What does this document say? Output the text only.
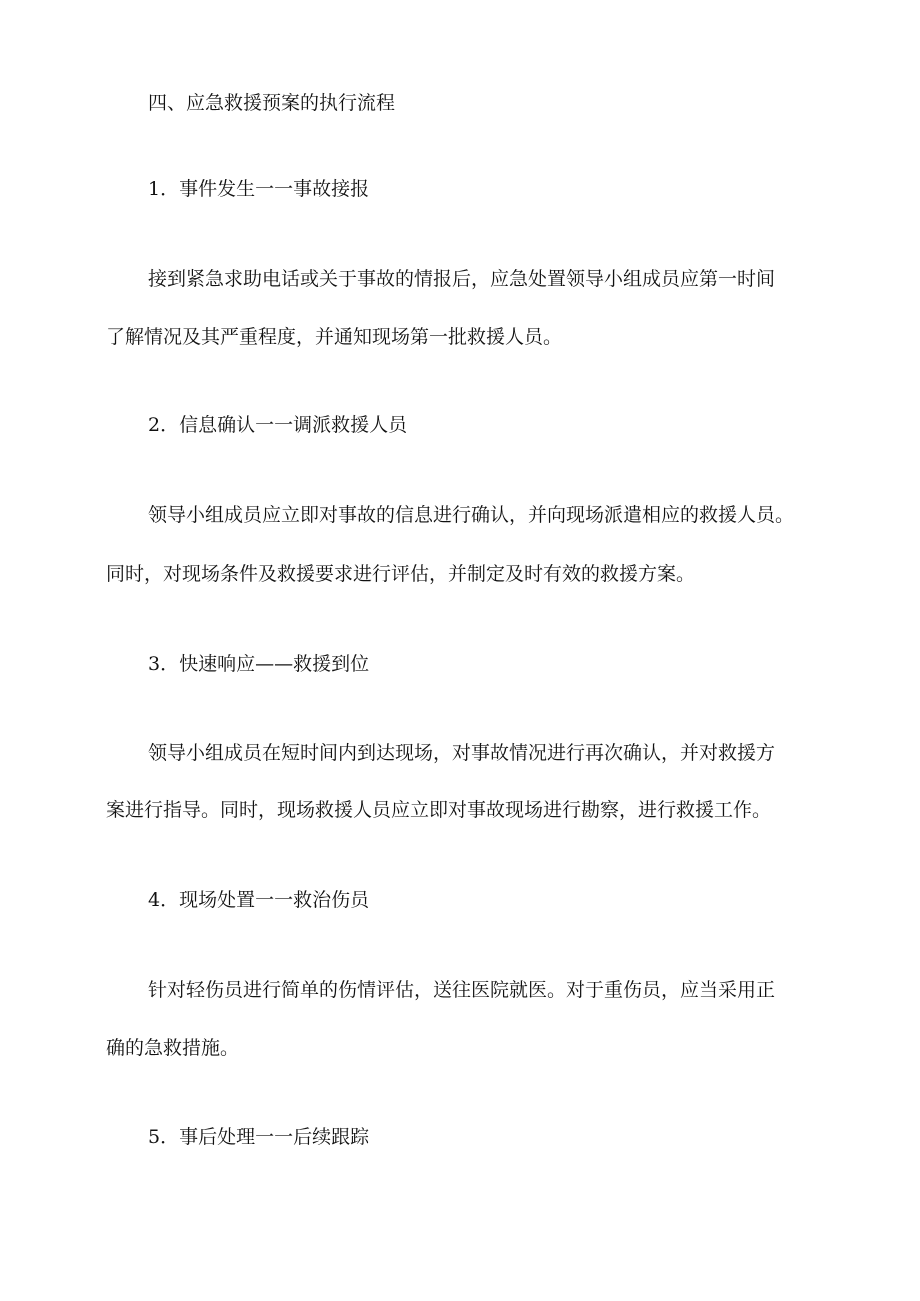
四、应急救援预案的执行流程
1．事件发生一一事故接报
接到紧急求助电话或关于事故的情报后，应急处置领导小组成员应第一时间
了解情况及其严重程度，并通知现场第一批救援人员。
2．信息确认一一调派救援人员
领导小组成员应立即对事故的信息进行确认，并向现场派遣相应的救援人员。
同时，对现场条件及救援要求进行评估，并制定及时有效的救援方案。
3．快速响应——救援到位
领导小组成员在短时间内到达现场，对事故情况进行再次确认，并对救援方
案进行指导。同时，现场救援人员应立即对事故现场进行勘察，进行救援工作。
4．现场处置一一救治伤员
针对轻伤员进行简单的伤情评估，送往医院就医。对于重伤员，应当采用正
确的急救措施。
5．事后处理一一后续跟踪
